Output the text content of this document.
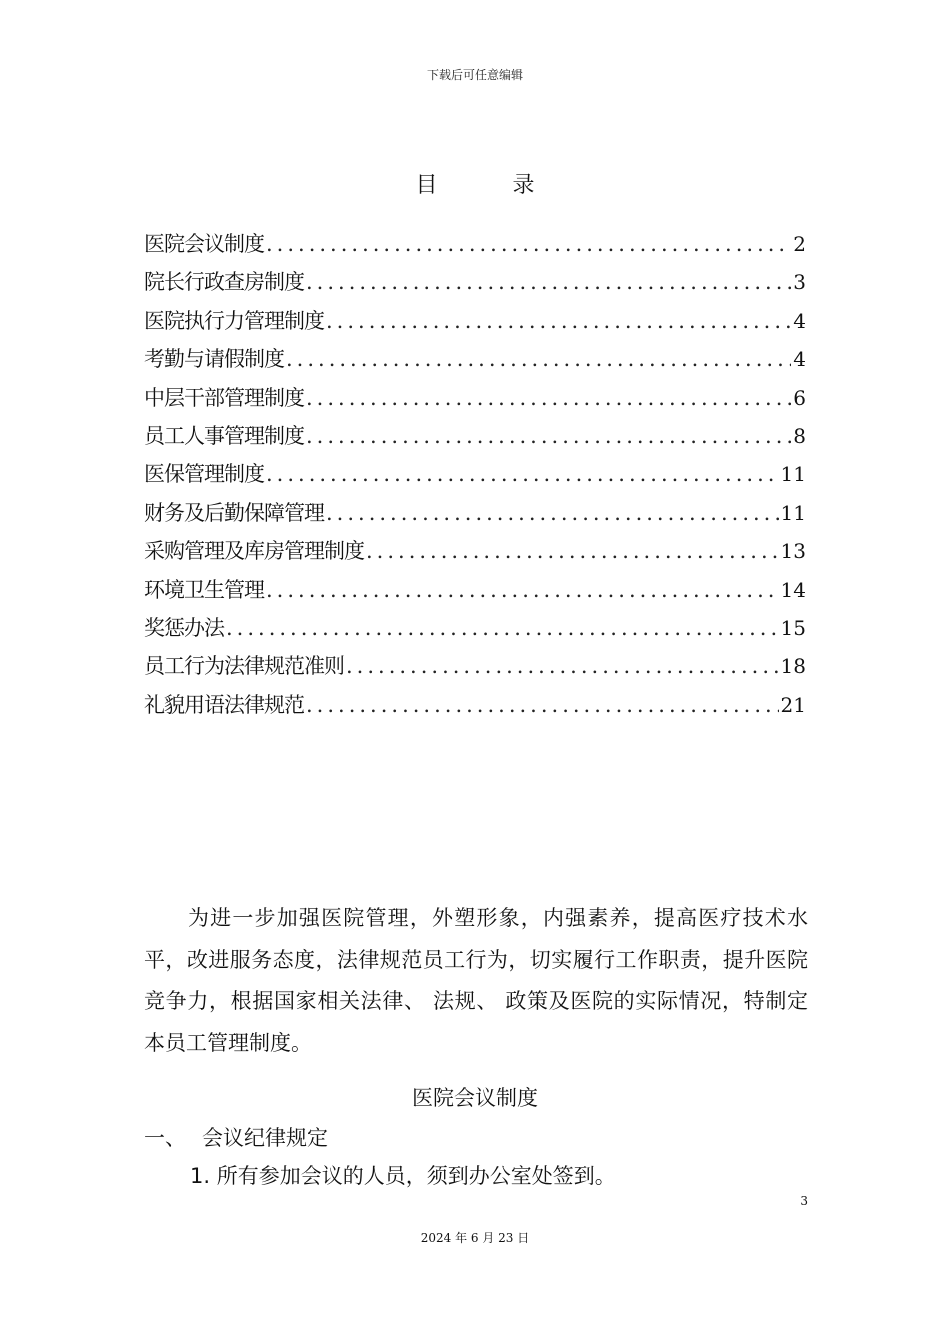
下载后可任意编辑
目 录
医院会议制度 .....	2
院长行政查房制度 .....	3
医院执行力管理制度 .....	4
考勤与请假制度 .....	4
中层干部管理制度 .....	6
员工人事管理制度 .....	8
医保管理制度 .....	11
财务及后勤保障管理 .....	11
采购管理及库房管理制度 .....	13
环境卫生管理 .....	14
奖惩办法 .....	15
员工行为法律规范准则 .....	18
礼貌用语法律规范 .....	21

为进一步加强医院管理，外塑形象，内强素养，提高医疗技术水平，改进服务态度，法律规范员工行为，切实履行工作职责，提升医院竞争力，根据国家相关法律、 法规、 政策及医院的实际情况，特制定本员工管理制度。

医院会议制度
一、 会议纪律规定
1. 所有参加会议的人员，须到办公室处签到。
3
2024 年 6 月 23 日
